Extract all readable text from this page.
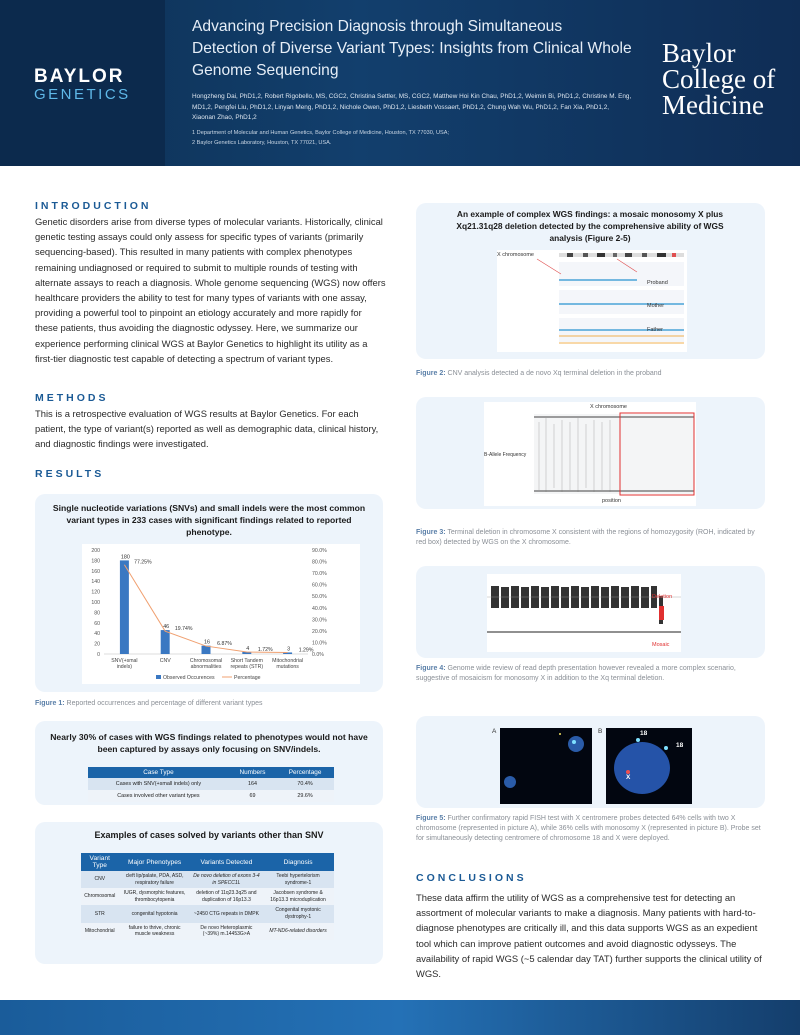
BAYLOR
GENETICS
Advancing Precision Diagnosis through Simultaneous Detection of Diverse Variant Types: Insights from Clinical Whole Genome Sequencing
Hongzheng Dai, PhD1,2, Robert Rigobello, MS, CGC2, Christina Settler, MS, CGC2, Matthew Hoi Kin Chau, PhD1,2, Weimin Bi, PhD1,2, Christine M. Eng, MD1,2, Pengfei Liu, PhD1,2, Linyan Meng, PhD1,2, Nichole Owen, PhD1,2, Liesbeth Vossaert, PhD1,2, Chung Wah Wu, PhD1,2, Fan Xia, PhD1,2, Xiaonan Zhao, PhD1,2
1 Department of Molecular and Human Genetics, Baylor College of Medicine, Houston, TX 77030, USA;
2 Baylor Genetics Laboratory, Houston, TX 77021, USA.
Baylor
College of
Medicine
INTRODUCTION
Genetic disorders arise from diverse types of molecular variants. Historically, clinical genetic testing assays could only assess for specific types of variants (primarily sequencing-based). This resulted in many patients with complex phenotypes remaining undiagnosed or required to submit to multiple rounds of testing with alternate assays to reach a diagnosis. Whole genome sequencing (WGS) now offers healthcare providers the ability to test for many types of variants with one assay, providing a powerful tool to pinpoint an etiology accurately and more rapidly for these patients, thus avoiding the diagnostic odyssey. Here, we summarize our experience performing clinical WGS at Baylor Genetics to highlight its utility as a first-tier diagnostic test capable of detecting a spectrum of variant types.
METHODS
This is a retrospective evaluation of WGS results at Baylor Genetics. For each patient, the type of variant(s) reported as well as demographic data, clinical history, and diagnostic findings were investigated.
RESULTS
Single nucleotide variations (SNVs) and small indels were the most common variant types in 233 cases with significant findings related to reported phenotype.
200
180
160
140
120
100
80
60
40
20
0
90.0%
80.0%
70.0%
60.0%
50.0%
40.0%
30.0%
20.0%
10.0%
0.0%
180
46
16
4	3
77.25%
19.74%
6.87%
1.72%	1.29%
SNV(+smal indels)
CNV	Chromosomal abnormalities
Short Tandem repeats (STR)
Mitochondrial mutations
Observed Occurences	Percentage
Figure 1: Reported occurrences and percentage of different variant types
Nearly 30% of cases with WGS findings related to phenotypes would not have been captured by assays only focusing on SNV/indels.
Case Type	Numbers	Percentage
Cases with SNV(+small indels) only	164	70.4%
Cases involved other variant types	69	29.6%
Examples of cases solved by variants other than SNV
Variant Type	Major Phenotypes	Variants Detected	Diagnosis
CNV	cleft lip/palate, PDA, ASD, respiratory failure	De novo deletion of exons 3-4 in SPECC1L	Teebi hypertelorism syndrome-1
Chromosomal	IUGR, dysmorphic features, thrombocytopenia	deletion of 11q23.3q25 and duplication of 16p13.3	Jacobsen syndrome & 16p13.3 microduplication
STR	congenital hypotonia	~2450 CTG repeats in DMPK	Congenital myotonic dystrophy-1
Mitochondrial	failure to thrive, chronic muscle weakness	De novo Heteroplasmic (~39%) m.14453G>A	MT-ND6-related disorders
An example of complex WGS findings: a mosaic monosomy X plus Xq21.31q28 deletion detected by the comprehensive ability of WGS analysis (Figure 2-5)
X chromosome
Proband
Mother
Father
Figure 2: CNV analysis detected a de novo Xq terminal deletion in the proband
X chromosome
B-Allele Frequency
position
Figure 3: Terminal deletion in chromosome X consistent with the regions of homozygosity (ROH, indicated by red box) detected by WGS on the X chromosome.
Deletion
Mosaic
Figure 4: Genome wide review of read depth presentation however revealed a more complex scenario, suggestive of mosaicism for monosomy X in addition to the Xq terminal deletion.
A	B	18
18
X
Figure 5: Further confirmatory rapid FISH test with X centromere probes detected 64% cells with two X chromosome (represented in picture A), while 36% cells with monosomy X (represented in picture B). Probe set for simultaneously detecting centromere of chromosome 18 and X were deployed.
CONCLUSIONS
These data affirm the utility of WGS as a comprehensive test for detecting an assortment of molecular variants to make a diagnosis. Many patients with hard-to-diagnose phenotypes are critically ill, and this data supports WGS as an expedient tool which can improve patient outcomes and avoid diagnostic odysseys. The availability of rapid WGS (~5 calendar day TAT) further supports the clinical utility of WGS.
